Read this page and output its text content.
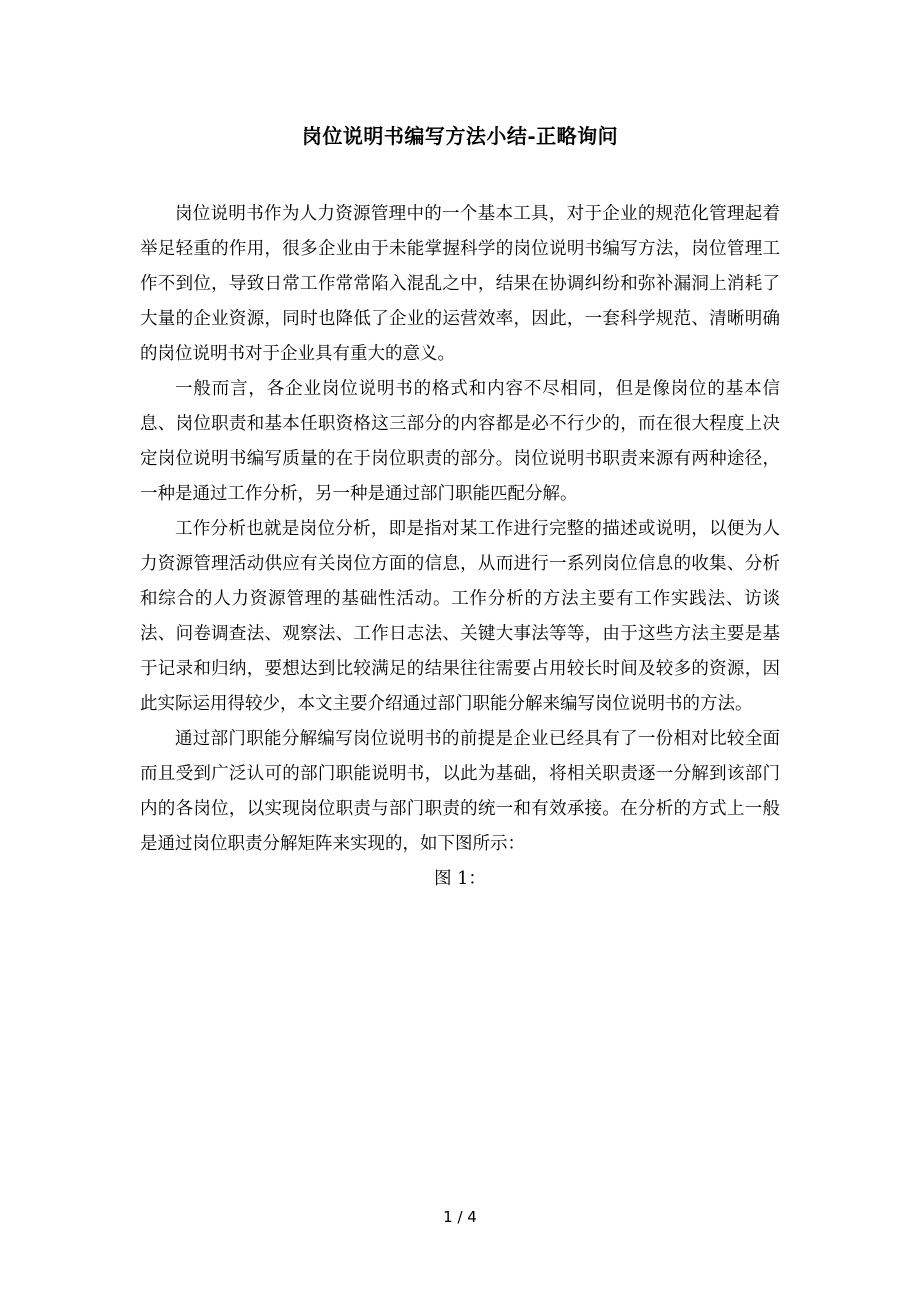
岗位说明书编写方法小结-正略询问

岗位说明书作为人力资源管理中的一个基本工具，对于企业的规范化管理起着举足轻重的作用，很多企业由于未能掌握科学的岗位说明书编写方法，岗位管理工作不到位，导致日常工作常常陷入混乱之中，结果在协调纠纷和弥补漏洞上消耗了大量的企业资源，同时也降低了企业的运营效率，因此，一套科学规范、清晰明确的岗位说明书对于企业具有重大的意义。

一般而言，各企业岗位说明书的格式和内容不尽相同，但是像岗位的基本信息、岗位职责和基本任职资格这三部分的内容都是必不行少的，而在很大程度上决定岗位说明书编写质量的在于岗位职责的部分。岗位说明书职责来源有两种途径，一种是通过工作分析，另一种是通过部门职能匹配分解。

工作分析也就是岗位分析，即是指对某工作进行完整的描述或说明，以便为人力资源管理活动供应有关岗位方面的信息，从而进行一系列岗位信息的收集、分析和综合的人力资源管理的基础性活动。工作分析的方法主要有工作实践法、访谈法、问卷调查法、观察法、工作日志法、关键大事法等等，由于这些方法主要是基于记录和归纳，要想达到比较满足的结果往往需要占用较长时间及较多的资源，因此实际运用得较少，本文主要介绍通过部门职能分解来编写岗位说明书的方法。

通过部门职能分解编写岗位说明书的前提是企业已经具有了一份相对比较全面而且受到广泛认可的部门职能说明书，以此为基础，将相关职责逐一分解到该部门内的各岗位，以实现岗位职责与部门职责的统一和有效承接。在分析的方式上一般是通过岗位职责分解矩阵来实现的，如下图所示：

图 1：

1 / 4
